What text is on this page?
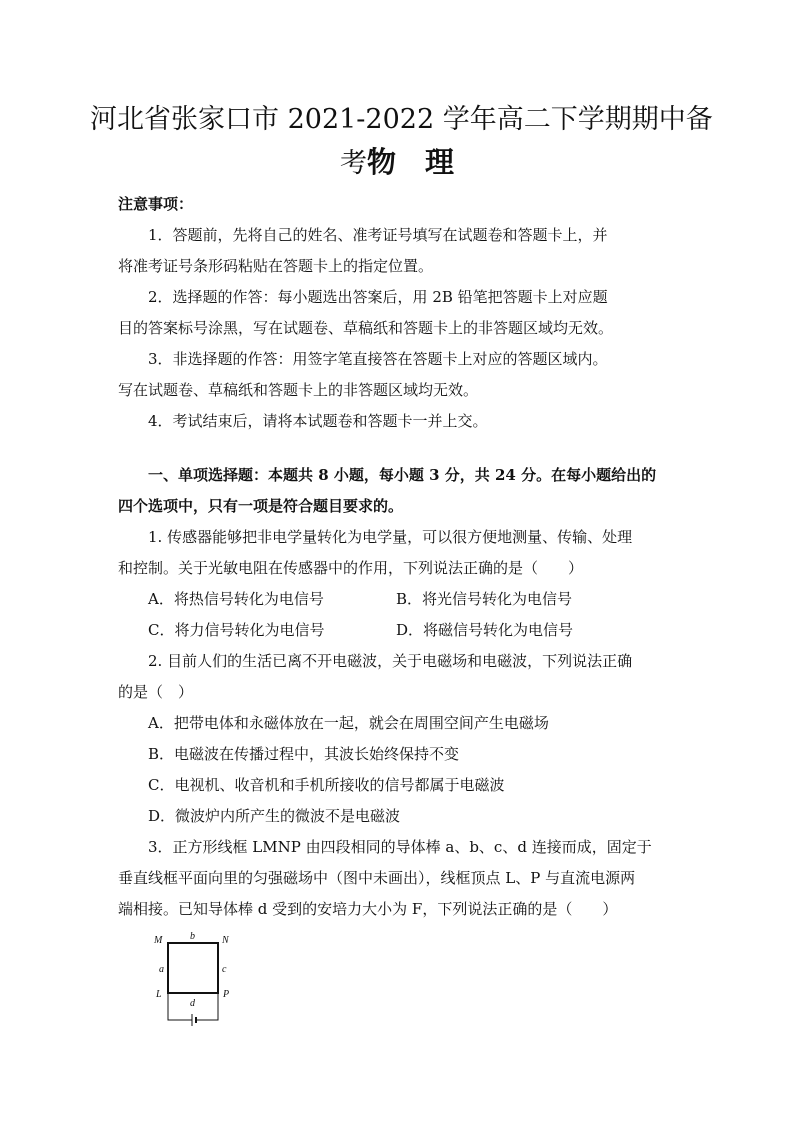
河北省张家口市 2021-2022 学年高二下学期期中备
考物　理
注意事项：
1．答题前，先将自己的姓名、准考证号填写在试题卷和答题卡上，并
将准考证号条形码粘贴在答题卡上的指定位置。
2．选择题的作答：每小题选出答案后，用 2B 铅笔把答题卡上对应题
目的答案标号涂黑，写在试题卷、草稿纸和答题卡上的非答题区域均无效。
3．非选择题的作答：用签字笔直接答在答题卡上对应的答题区域内。
写在试题卷、草稿纸和答题卡上的非答题区域均无效。
4．考试结束后，请将本试题卷和答题卡一并上交。
一、单项选择题：本题共 8 小题，每小题 3 分，共 24 分。在每小题给出的
四个选项中，只有一项是符合题目要求的。
1. 传感器能够把非电学量转化为电学量，可以很方便地测量、传输、处理
和控制。关于光敏电阻在传感器中的作用，下列说法正确的是（　　）
A．将热信号转化为电信号	B．将光信号转化为电信号
C．将力信号转化为电信号	D．将磁信号转化为电信号
2. 目前人们的生活已离不开电磁波，关于电磁场和电磁波，下列说法正确
的是（　）
A．把带电体和永磁体放在一起，就会在周围空间产生电磁场
B．电磁波在传播过程中，其波长始终保持不变
C．电视机、收音机和手机所接收的信号都属于电磁波
D．微波炉内所产生的微波不是电磁波
3．正方形线框 LMNP 由四段相同的导体棒 a、b、c、d 连接而成，固定于
垂直线框平面向里的匀强磁场中（图中未画出），线框顶点 L、P 与直流电源两
端相接。已知导体棒 d 受到的安培力大小为 F，下列说法正确的是（　　）
M	N
L	P
b
a	c
d
